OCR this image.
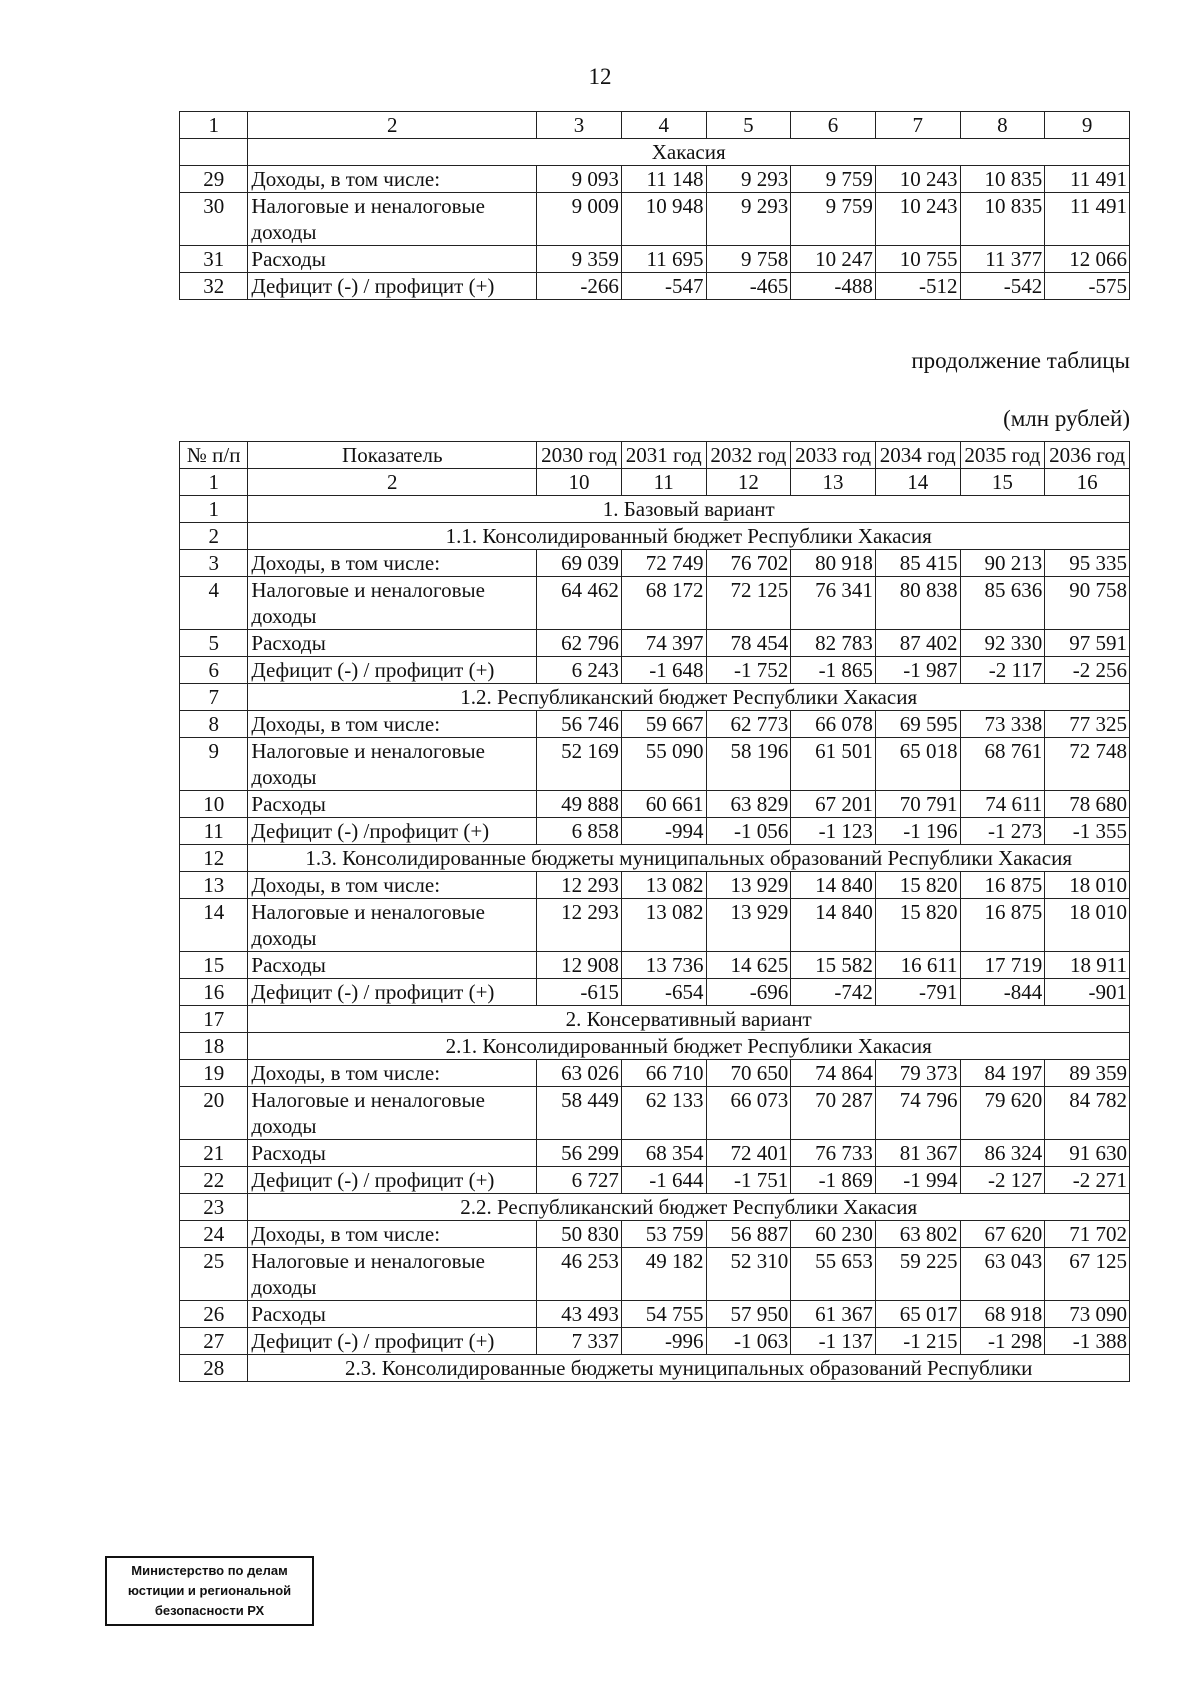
12
1	2	3	4	5	6	7	8	9
	Хакасия							
29	Доходы, в том числе:	9 093	11 148	9 293	9 759	10 243	10 835	11 491
30	Налоговые и неналоговые доходы	9 009	10 948	9 293	9 759	10 243	10 835	11 491
31	Расходы	9 359	11 695	9 758	10 247	10 755	11 377	12 066
32	Дефицит (-) / профицит (+)	-266	-547	-465	-488	-512	-542	-575
продолжение таблицы
(млн рублей)
№ п/п	Показатель	2030 год	2031 год	2032 год	2033 год	2034 год	2035 год	2036 год
1	2	10	11	12	13	14	15	16
1	1. Базовый вариант							
2	1.1. Консолидированный бюджет Республики Хакасия							
3	Доходы, в том числе:	69 039	72 749	76 702	80 918	85 415	90 213	95 335
4	Налоговые и неналоговые доходы	64 462	68 172	72 125	76 341	80 838	85 636	90 758
5	Расходы	62 796	74 397	78 454	82 783	87 402	92 330	97 591
6	Дефицит (-) / профицит (+)	6 243	-1 648	-1 752	-1 865	-1 987	-2 117	-2 256
7	1.2. Республиканский бюджет Республики Хакасия							
8	Доходы, в том числе:	56 746	59 667	62 773	66 078	69 595	73 338	77 325
9	Налоговые и неналоговые доходы	52 169	55 090	58 196	61 501	65 018	68 761	72 748
10	Расходы	49 888	60 661	63 829	67 201	70 791	74 611	78 680
11	Дефицит (-) /профицит (+)	6 858	-994	-1 056	-1 123	-1 196	-1 273	-1 355
12	1.3. Консолидированные бюджеты муниципальных образований Республики Хакасия							
13	Доходы, в том числе:	12 293	13 082	13 929	14 840	15 820	16 875	18 010
14	Налоговые и неналоговые доходы	12 293	13 082	13 929	14 840	15 820	16 875	18 010
15	Расходы	12 908	13 736	14 625	15 582	16 611	17 719	18 911
16	Дефицит (-) / профицит (+)	-615	-654	-696	-742	-791	-844	-901
17	2. Консервативный вариант							
18	2.1. Консолидированный бюджет Республики Хакасия							
19	Доходы, в том числе:	63 026	66 710	70 650	74 864	79 373	84 197	89 359
20	Налоговые и неналоговые доходы	58 449	62 133	66 073	70 287	74 796	79 620	84 782
21	Расходы	56 299	68 354	72 401	76 733	81 367	86 324	91 630
22	Дефицит (-) / профицит (+)	6 727	-1 644	-1 751	-1 869	-1 994	-2 127	-2 271
23	2.2. Республиканский бюджет Республики Хакасия							
24	Доходы, в том числе:	50 830	53 759	56 887	60 230	63 802	67 620	71 702
25	Налоговые и неналоговые доходы	46 253	49 182	52 310	55 653	59 225	63 043	67 125
26	Расходы	43 493	54 755	57 950	61 367	65 017	68 918	73 090
27	Дефицит (-) / профицит (+)	7 337	-996	-1 063	-1 137	-1 215	-1 298	-1 388
28	2.3. Консолидированные бюджеты муниципальных образований Республики							
Министерство по делам
юстиции и региональной
безопасности РХ
